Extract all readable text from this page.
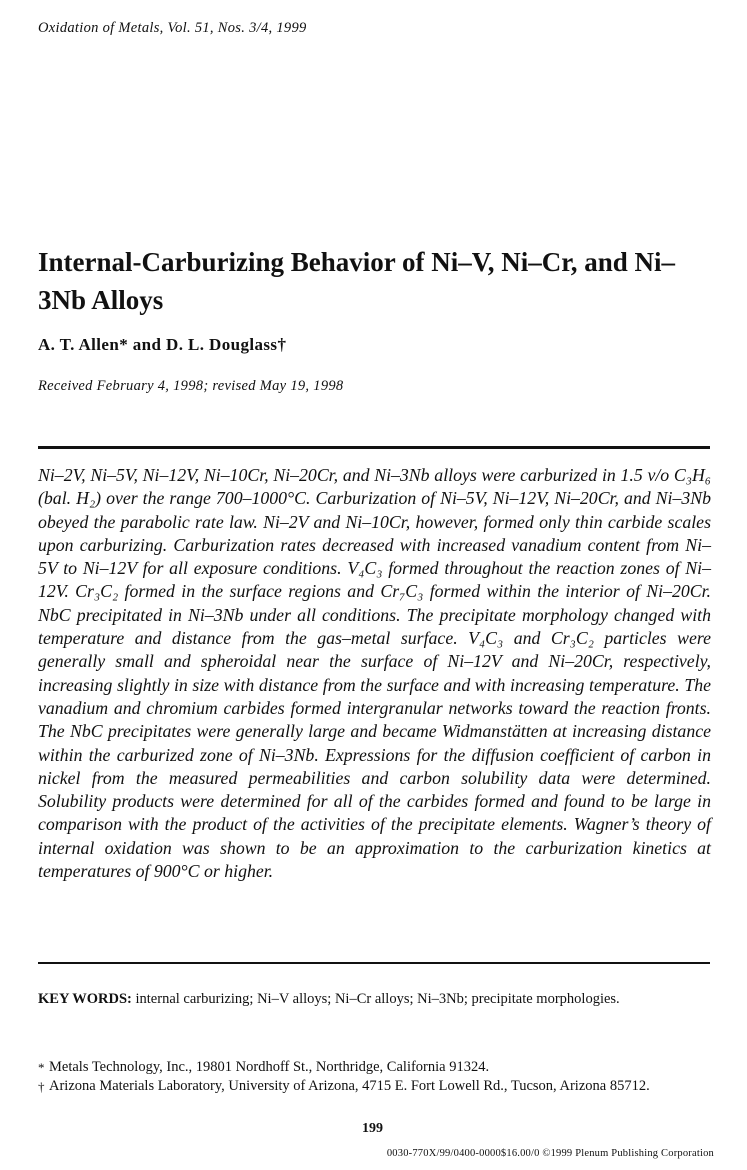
Oxidation of Metals, Vol. 51, Nos. 3/4, 1999
Internal-Carburizing Behavior of Ni–V, Ni–Cr, and Ni–3Nb Alloys
A. T. Allen* and D. L. Douglass†
Received February 4, 1998; revised May 19, 1998

Ni–2V, Ni–5V, Ni–12V, Ni–10Cr, Ni–20Cr, and Ni–3Nb alloys were carburized in 1.5 v/o C₃H₆ (bal. H₂) over the range 700–1000°C. Carburization of Ni–5V, Ni–12V, Ni–20Cr, and Ni–3Nb obeyed the parabolic rate law. Ni–2V and Ni–10Cr, however, formed only thin carbide scales upon carburizing. Carburization rates decreased with increased vanadium content from Ni–5V to Ni–12V for all exposure conditions. V₄C₃ formed throughout the reaction zones of Ni–12V. Cr₃C₂ formed in the surface regions and Cr₇C₃ formed within the interior of Ni–20Cr. NbC precipitated in Ni–3Nb under all conditions. The precipitate morphology changed with temperature and distance from the gas–metal surface. V₄C₃ and Cr₃C₂ particles were generally small and spheroidal near the surface of Ni–12V and Ni–20Cr, respectively, increasing slightly in size with distance from the surface and with increasing temperature. The vanadium and chromium carbides formed intergranular networks toward the reaction fronts. The NbC precipitates were generally large and became Widmanstätten at increasing distance within the carburized zone of Ni–3Nb. Expressions for the diffusion coefficient of carbon in nickel from the measured permeabilities and carbon solubility data were determined. Solubility products were determined for all of the carbides formed and found to be large in comparison with the product of the activities of the precipitate elements. Wagner’s theory of internal oxidation was shown to be an approximation to the carburization kinetics at temperatures of 900°C or higher.

KEY WORDS: internal carburizing; Ni–V alloys; Ni–Cr alloys; Ni–3Nb; precipitate morphologies.

* Metals Technology, Inc., 19801 Nordhoff St., Northridge, California 91324.
† Arizona Materials Laboratory, University of Arizona, 4715 E. Fort Lowell Rd., Tucson, Arizona 85712.
199
0030-770X/99/0400-0000$16.00/0 ©1999 Plenum Publishing Corporation
